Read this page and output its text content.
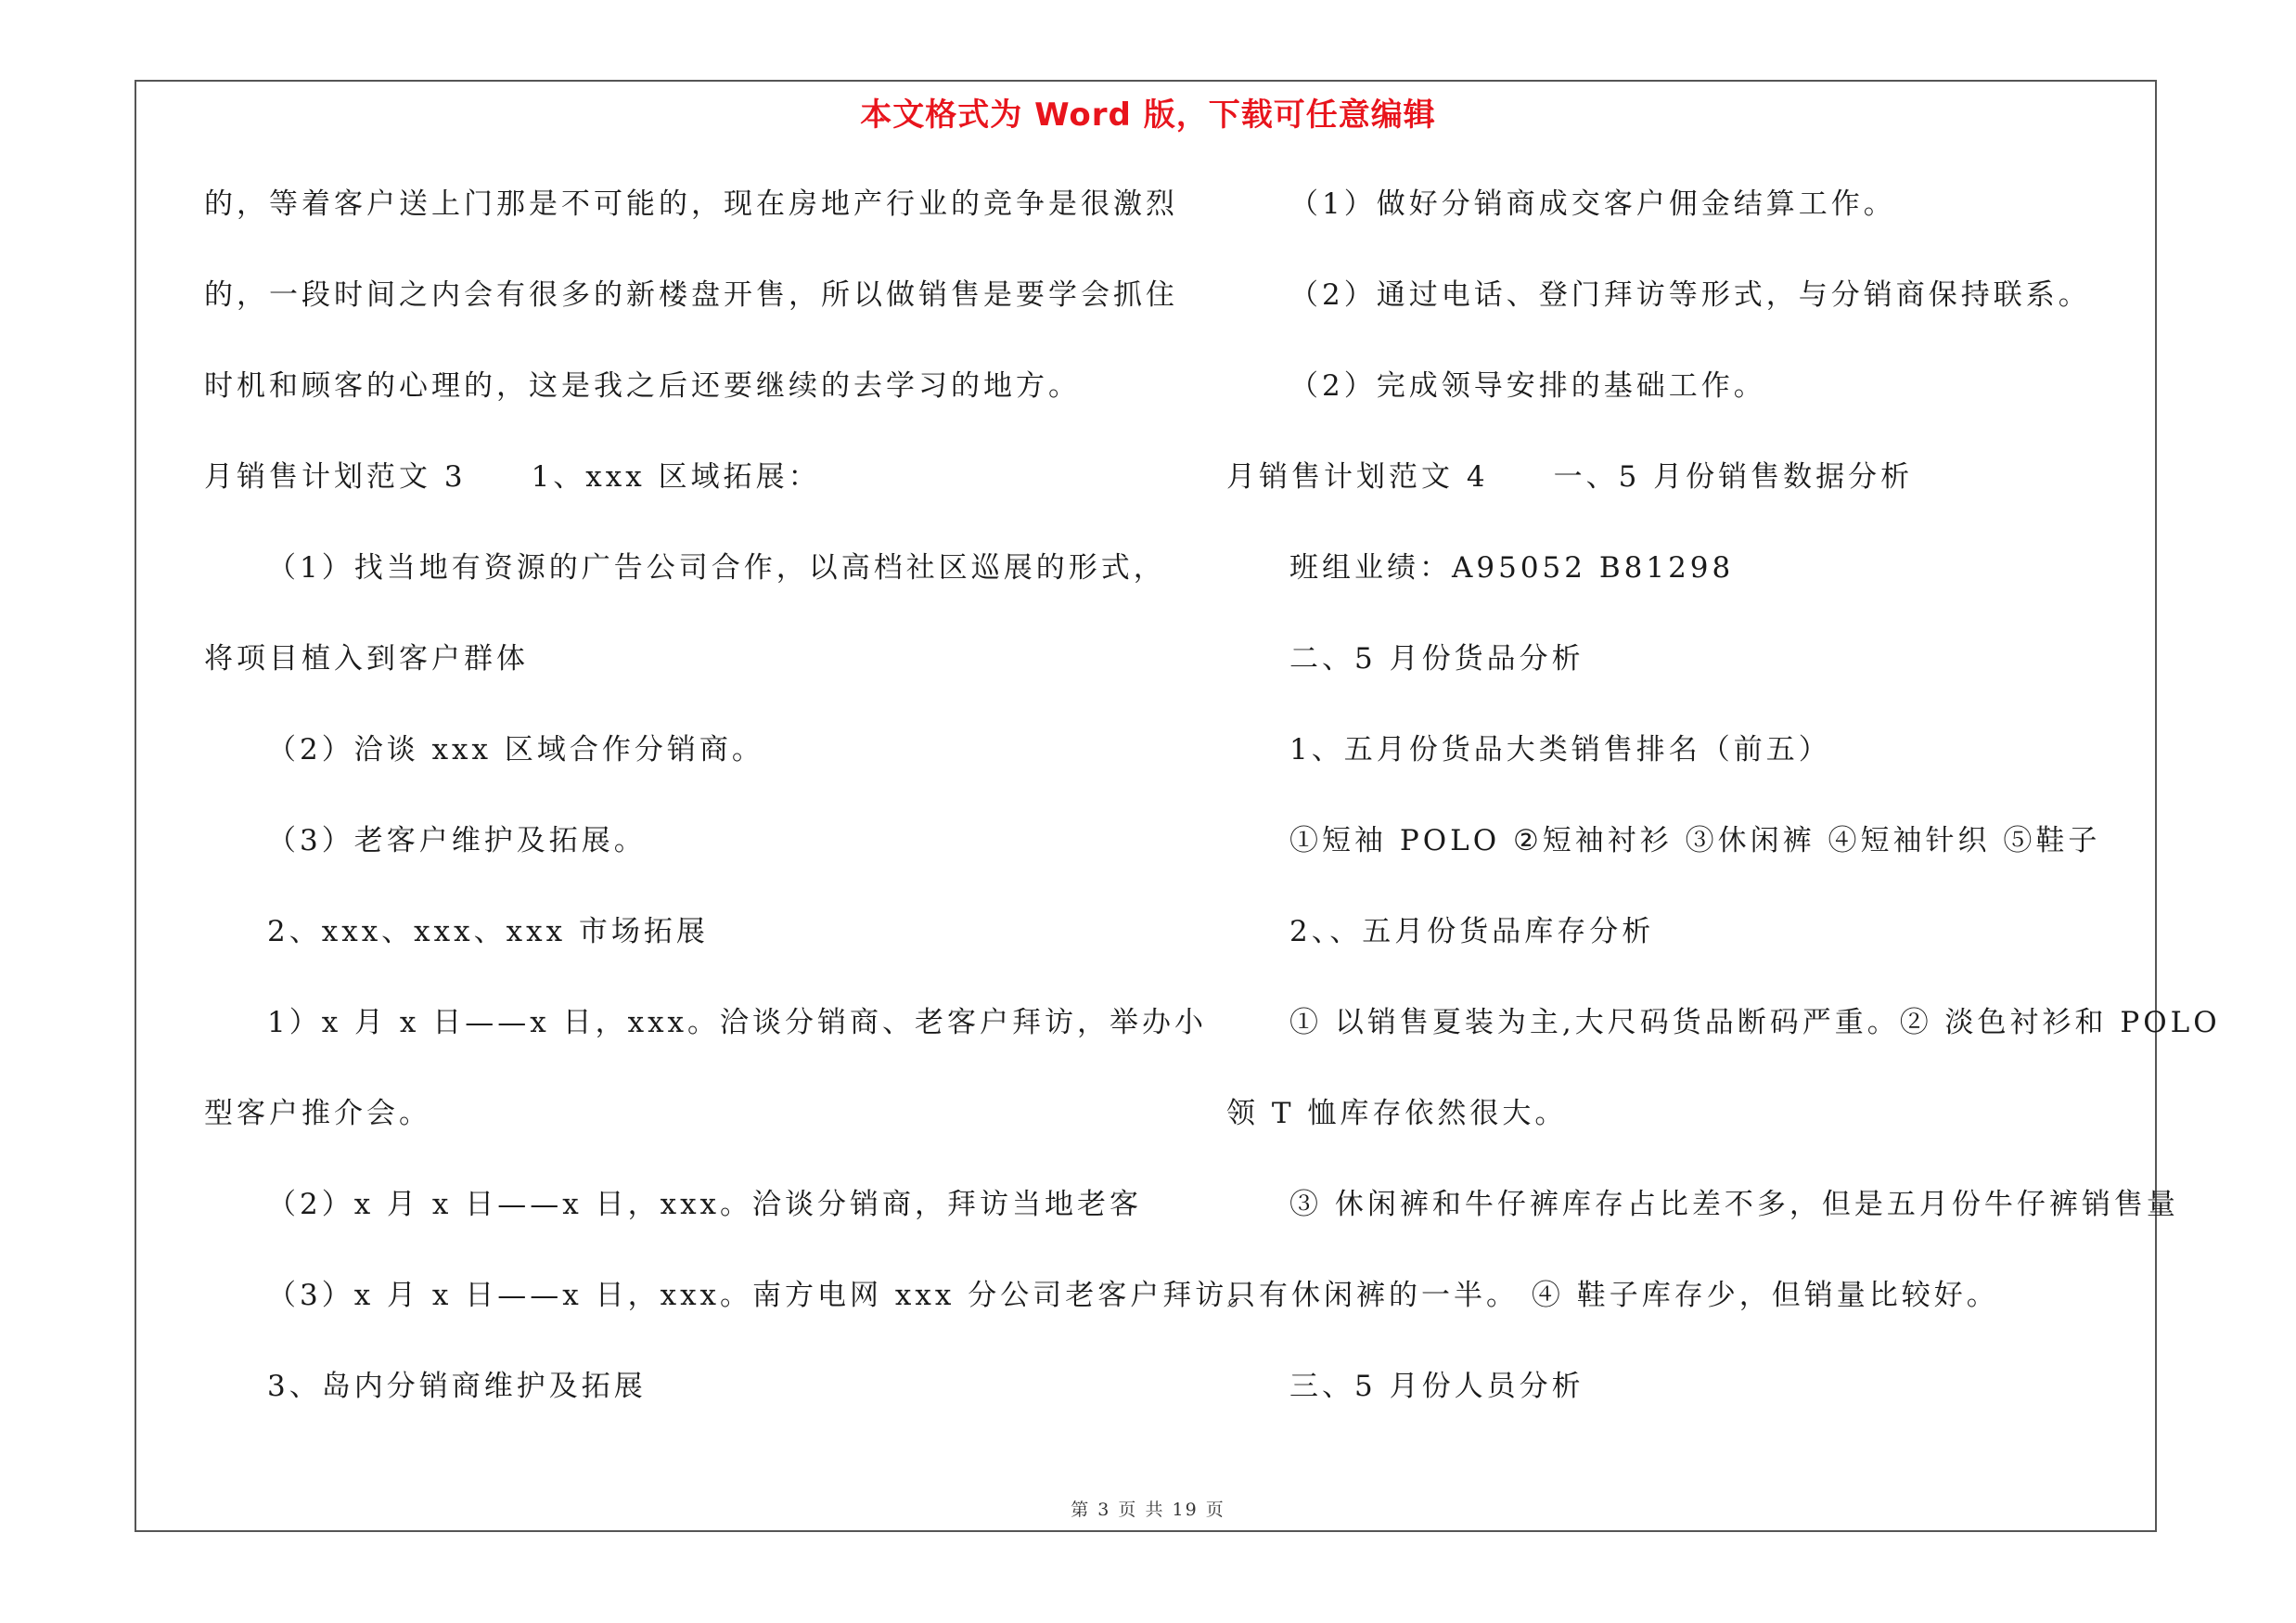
本文格式为 Word 版，下载可任意编辑
的，等着客户送上门那是不可能的，现在房地产行业的竞争是很激烈
的，一段时间之内会有很多的新楼盘开售，所以做销售是要学会抓住
时机和顾客的心理的，这是我之后还要继续的去学习的地方。
月销售计划范文 3　　1、xxx 区域拓展：
（1）找当地有资源的广告公司合作，以高档社区巡展的形式，
将项目植入到客户群体
（2）洽谈 xxx 区域合作分销商。
（3）老客户维护及拓展。
2、xxx、xxx、xxx 市场拓展
1）x 月 x 日——x 日，xxx。洽谈分销商、老客户拜访，举办小
型客户推介会。
（2）x 月 x 日——x 日，xxx。洽谈分销商，拜访当地老客
（3）x 月 x 日——x 日，xxx。南方电网 xxx 分公司老客户拜访。
3、岛内分销商维护及拓展
（1）做好分销商成交客户佣金结算工作。
（2）通过电话、登门拜访等形式，与分销商保持联系。
（2）完成领导安排的基础工作。
月销售计划范文 4　　一、5 月份销售数据分析
班组业绩：A95052 B81298
二、5 月份货品分析
1、五月份货品大类销售排名（前五）
①短袖 POLO ②短袖衬衫 ③休闲裤 ④短袖针织 ⑤鞋子
2、、五月份货品库存分析
① 以销售夏装为主,大尺码货品断码严重。② 淡色衬衫和 POLO
领 T 恤库存依然很大。
③ 休闲裤和牛仔裤库存占比差不多，但是五月份牛仔裤销售量
只有休闲裤的一半。 ④ 鞋子库存少，但销量比较好。
三、5 月份人员分析
第 3 页 共 19 页
